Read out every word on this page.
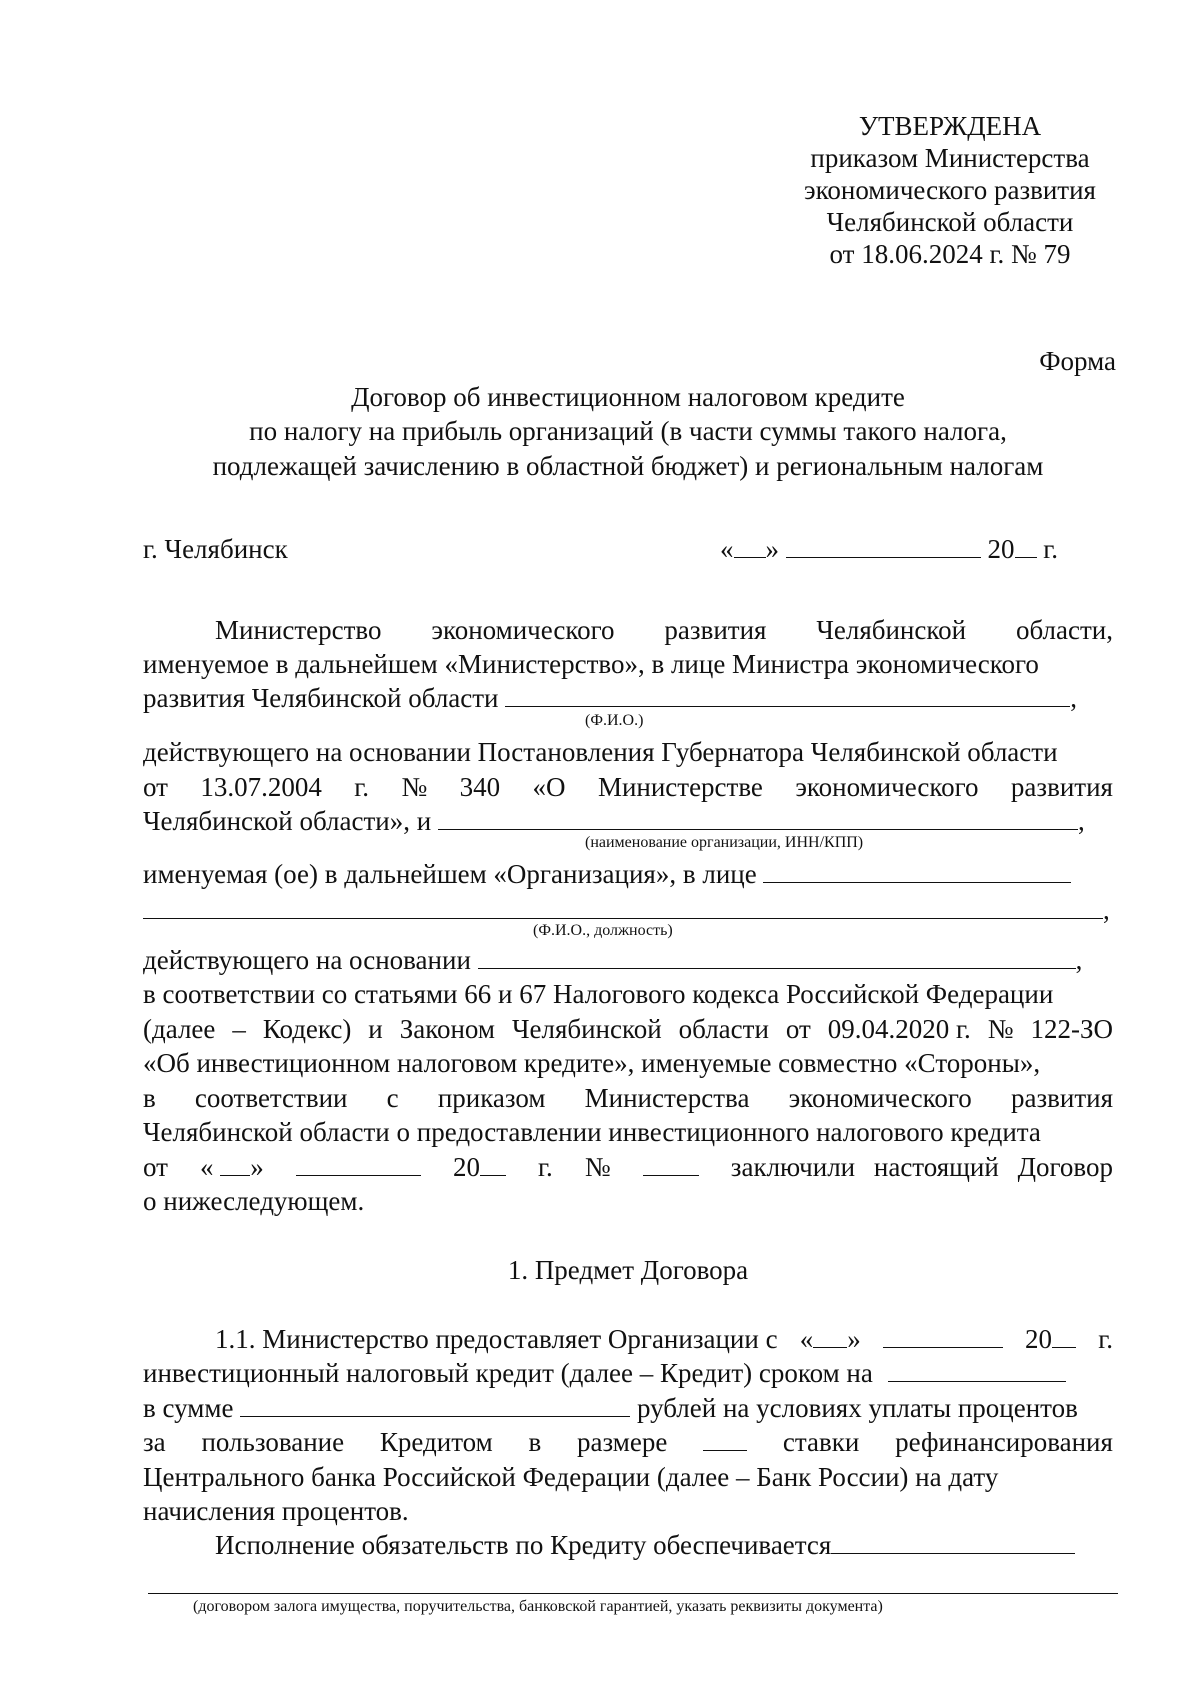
УТВЕРЖДЕНА
приказом Министерства
экономического развития
Челябинской области
от 18.06.2024 г. № 79
Форма
Договор об инвестиционном налоговом кредите
по налогу на прибыль организаций (в части суммы такого налога,
подлежащей зачислению в областной бюджет) и региональным налогам
г. Челябинск	« »	20 г.
Министерство экономического развития Челябинской области,
именуемое в дальнейшем «Министерство», в лице Министра экономического
развития Челябинской области	,
(Ф.И.О.)
действующего на основании Постановления Губернатора Челябинской области
от 13.07.2004 г. № 340 «О Министерстве экономического развития
Челябинской области», и	,
(наименование организации, ИНН/КПП)
именуемая (ое) в дальнейшем «Организация», в лице
,
(Ф.И.О., должность)
действующего на основании	,
в соответствии со статьями 66 и 67 Налогового кодекса Российской Федерации
(далее – Кодекс) и Законом Челябинской области от 09.04.2020 г. № 122-ЗО
«Об инвестиционном налоговом кредите», именуемые совместно «Стороны»,
в соответствии с приказом Министерства экономического развития
Челябинской области о предоставлении инвестиционного налогового кредита
от « »	20	г. №	заключили настоящий Договор
о нижеследующем.
1. Предмет Договора
1.1. Министерство предоставляет Организации с « »	20	г.
инвестиционный налоговый кредит (далее – Кредит) сроком на
в сумме	рублей на условиях уплаты процентов
за пользование Кредитом в размере	ставки рефинансирования
Центрального банка Российской Федерации (далее – Банк России) на дату
начисления процентов.
Исполнение обязательств по Кредиту обеспечивается
(договором залога имущества, поручительства, банковской гарантией, указать реквизиты документа)
